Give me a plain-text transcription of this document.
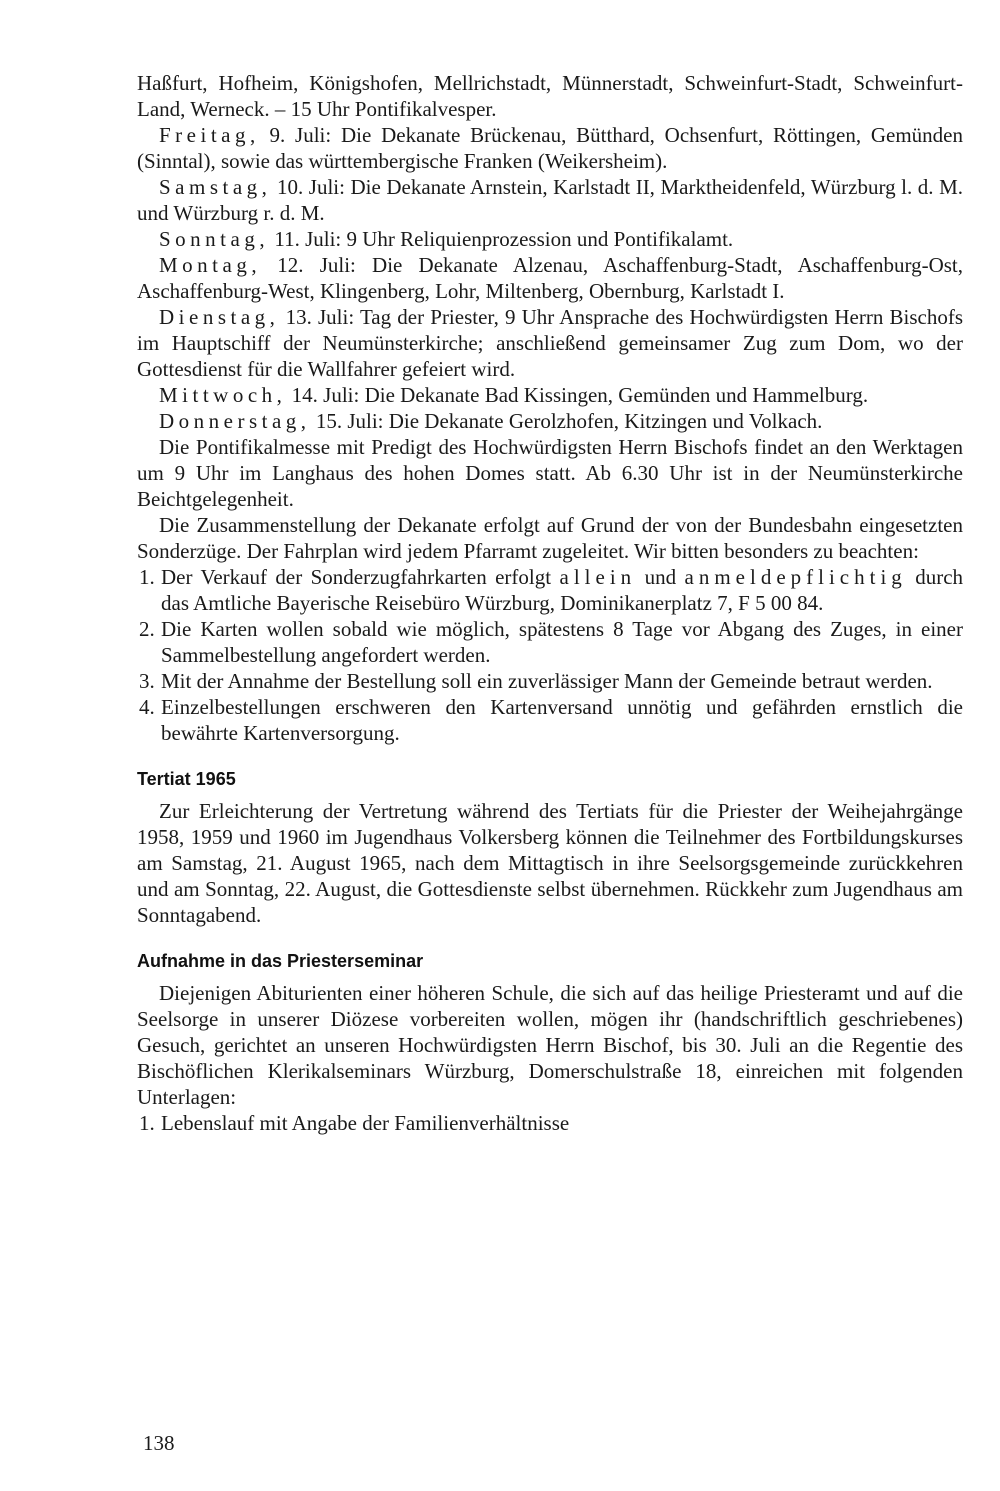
Haßfurt, Hofheim, Königshofen, Mellrichstadt, Münnerstadt, Schweinfurt-Stadt, Schweinfurt-Land, Werneck. – 15 Uhr Pontifikalvesper.

Freitag, 9. Juli: Die Dekanate Brückenau, Bütthard, Ochsenfurt, Röttingen, Gemünden (Sinntal), sowie das württembergische Franken (Weikersheim).

Samstag, 10. Juli: Die Dekanate Arnstein, Karlstadt II, Marktheidenfeld, Würzburg l. d. M. und Würzburg r. d. M.

Sonntag, 11. Juli: 9 Uhr Reliquienprozession und Pontifikalamt.

Montag, 12. Juli: Die Dekanate Alzenau, Aschaffenburg-Stadt, Aschaffenburg-Ost, Aschaffenburg-West, Klingenberg, Lohr, Miltenberg, Obernburg, Karlstadt I.

Dienstag, 13. Juli: Tag der Priester, 9 Uhr Ansprache des Hochwürdigsten Herrn Bischofs im Hauptschiff der Neumünsterkirche; anschließend gemeinsamer Zug zum Dom, wo der Gottesdienst für die Wallfahrer gefeiert wird.

Mittwoch, 14. Juli: Die Dekanate Bad Kissingen, Gemünden und Hammelburg.

Donnerstag, 15. Juli: Die Dekanate Gerolzhofen, Kitzingen und Volkach.

Die Pontifikalmesse mit Predigt des Hochwürdigsten Herrn Bischofs findet an den Werktagen um 9 Uhr im Langhaus des hohen Domes statt. Ab 6.30 Uhr ist in der Neumünsterkirche Beichtgelegenheit.

Die Zusammenstellung der Dekanate erfolgt auf Grund der von der Bundesbahn eingesetzten Sonderzüge. Der Fahrplan wird jedem Pfarramt zugeleitet. Wir bitten besonders zu beachten:

1. Der Verkauf der Sonderzugfahrkarten erfolgt allein und anmeldepflichtig durch das Amtliche Bayerische Reisebüro Würzburg, Dominikanerplatz 7, F 5 00 84.
2. Die Karten wollen sobald wie möglich, spätestens 8 Tage vor Abgang des Zuges, in einer Sammelbestellung angefordert werden.
3. Mit der Annahme der Bestellung soll ein zuverlässiger Mann der Gemeinde betraut werden.
4. Einzelbestellungen erschweren den Kartenversand unnötig und gefährden ernstlich die bewährte Kartenversorgung.
Tertiat 1965

Zur Erleichterung der Vertretung während des Tertiats für die Priester der Weihejahrgänge 1958, 1959 und 1960 im Jugendhaus Volkersberg können die Teilnehmer des Fortbildungskurses am Samstag, 21. August 1965, nach dem Mittagtisch in ihre Seelsorgsgemeinde zurückkehren und am Sonntag, 22. August, die Gottesdienste selbst übernehmen. Rückkehr zum Jugendhaus am Sonntagabend.

Aufnahme in das Priesterseminar

Diejenigen Abiturienten einer höheren Schule, die sich auf das heilige Priesteramt und auf die Seelsorge in unserer Diözese vorbereiten wollen, mögen ihr (handschriftlich geschriebenes) Gesuch, gerichtet an unseren Hochwürdigsten Herrn Bischof, bis 30. Juli an die Regentie des Bischöflichen Klerikalseminars Würzburg, Domerschulstraße 18, einreichen mit folgenden Unterlagen:

1. Lebenslauf mit Angabe der Familienverhältnisse
138
